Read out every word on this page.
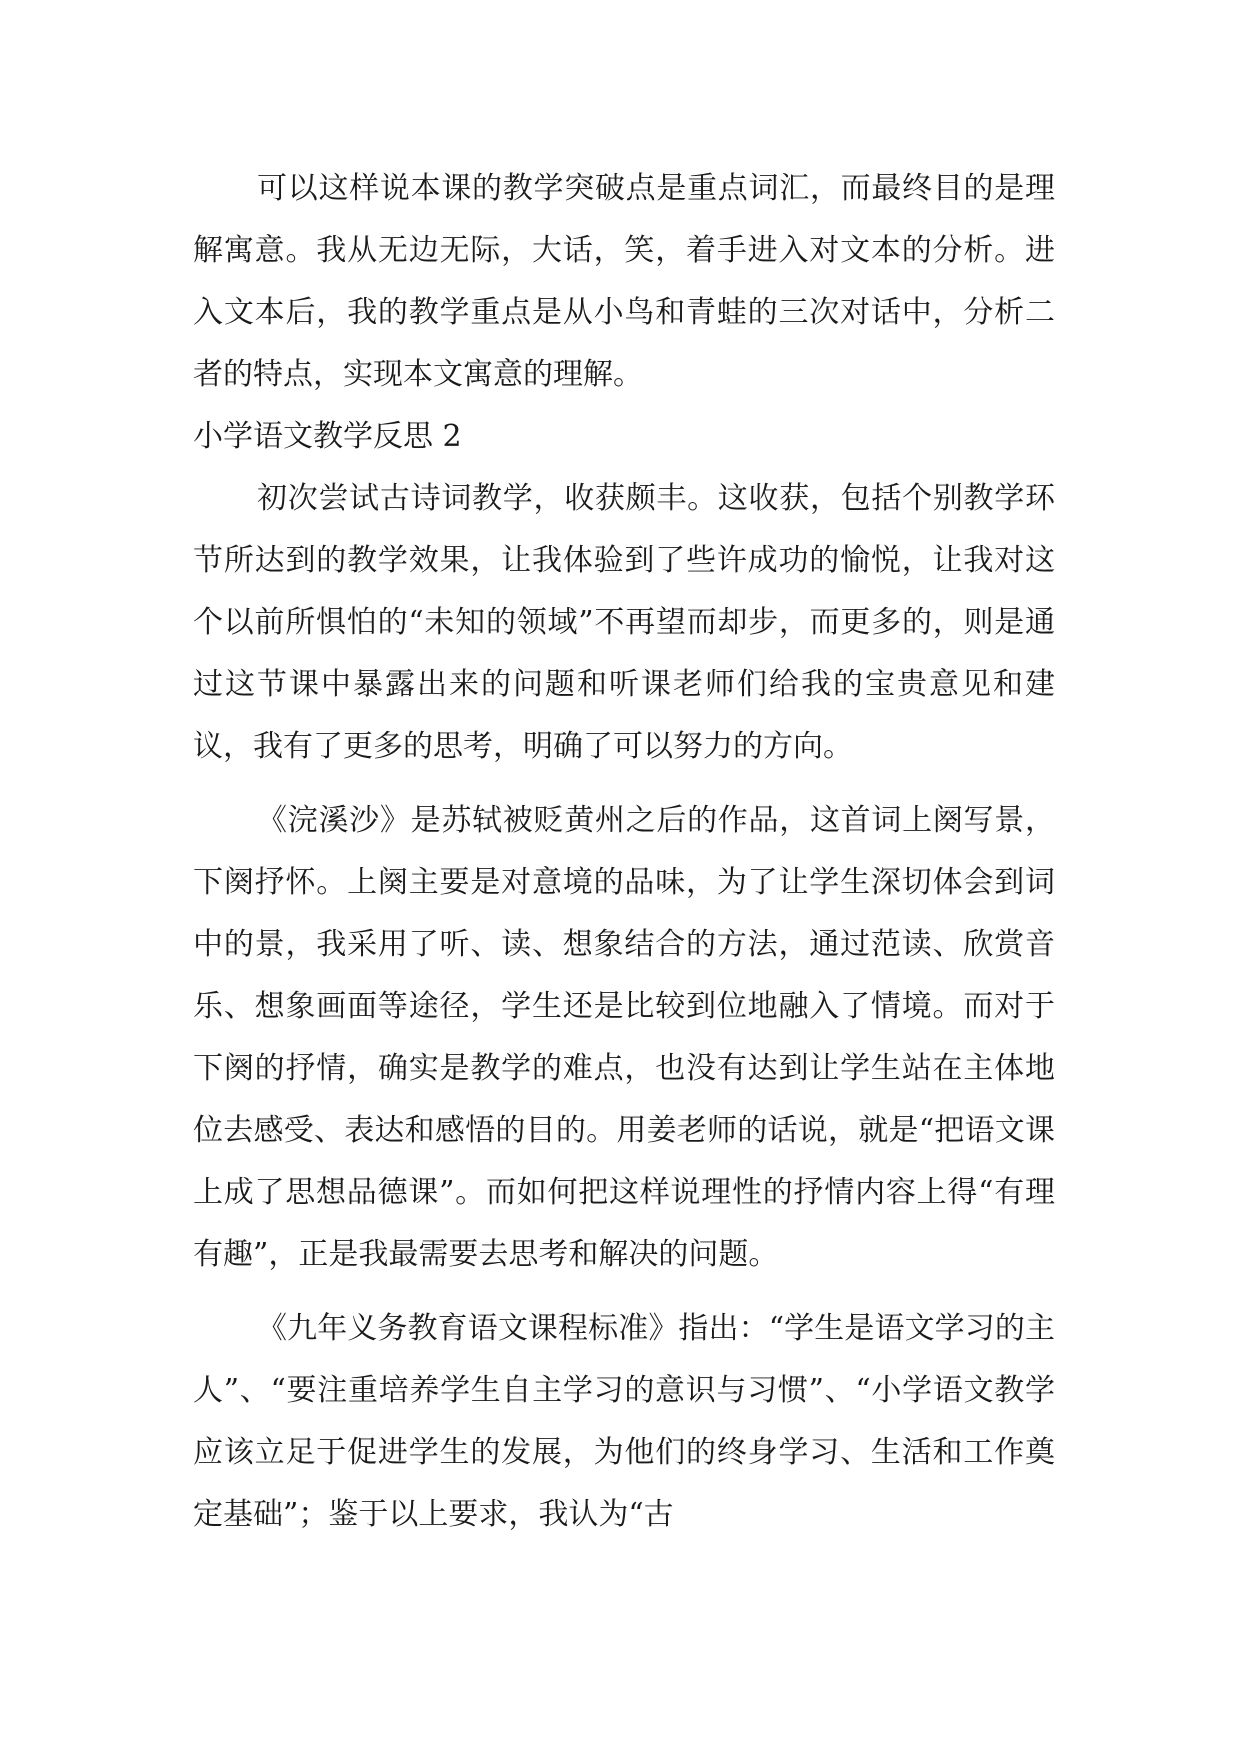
可以这样说本课的教学突破点是重点词汇，而最终目的是理解寓意。我从无边无际，大话，笑，着手进入对文本的分析。进入文本后，我的教学重点是从小鸟和青蛙的三次对话中，分析二者的特点，实现本文寓意的理解。

小学语文教学反思 2

初次尝试古诗词教学，收获颇丰。这收获，包括个别教学环节所达到的教学效果，让我体验到了些许成功的愉悦，让我对这个以前所惧怕的“未知的领域”不再望而却步，而更多的，则是通过这节课中暴露出来的问题和听课老师们给我的宝贵意见和建议，我有了更多的思考，明确了可以努力的方向。

《浣溪沙》是苏轼被贬黄州之后的作品，这首词上阕写景，下阕抒怀。上阕主要是对意境的品味，为了让学生深切体会到词中的景，我采用了听、读、想象结合的方法，通过范读、欣赏音乐、想象画面等途径，学生还是比较到位地融入了情境。而对于下阕的抒情，确实是教学的难点，也没有达到让学生站在主体地位去感受、表达和感悟的目的。用姜老师的话说，就是“把语文课上成了思想品德课”。而如何把这样说理性的抒情内容上得“有理有趣”，正是我最需要去思考和解决的问题。

《九年义务教育语文课程标准》指出：“学生是语文学习的主人”、“要注重培养学生自主学习的意识与习惯”、“小学语文教学应该立足于促进学生的发展，为他们的终身学习、生活和工作奠定基础”；鉴于以上要求，我认为“古
